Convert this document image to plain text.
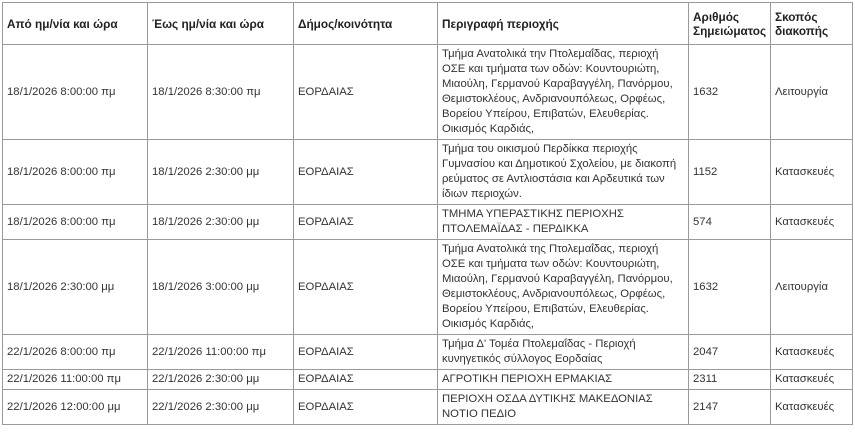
Από ημ/νία και ώρα	Έως ημ/νία και ώρα	Δήμος/κοινότητα	Περιγραφή περιοχής	Αριθμός Σημειώματος	Σκοπός διακοπής
18/1/2026 8:00:00 πμ	18/1/2026 8:30:00 πμ	ΕΟΡΔΑΙΑΣ	Τμήμα Ανατολικά την Πτολεμαΐδας, περιοχή ΟΣΕ και τμήματα των οδών: Κουντουριώτη, Μιαούλη, Γερμανού Καραβαγγέλη, Πανόρμου, Θεμιστοκλέους, Ανδριανουπόλεως, Ορφέως, Βορείου Υπείρου, Επιβατών, Ελευθερίας. Οικισμός Καρδιάς,	1632	Λειτουργία
18/1/2026 8:00:00 πμ	18/1/2026 2:30:00 μμ	ΕΟΡΔΑΙΑΣ	Τμήμα του οικισμού Περδίκκα περιοχής Γυμνασίου και Δημοτικού Σχολείου, με διακοπή ρεύματος σε Αντλιοστάσια και Αρδευτικά των ίδιων περιοχών.	1152	Κατασκευές
18/1/2026 8:00:00 πμ	18/1/2026 2:30:00 μμ	ΕΟΡΔΑΙΑΣ	ΤΜΗΜΑ ΥΠΕΡΑΣΤΙΚΗΣ ΠΕΡΙΟΧΗΣ ΠΤΟΛΕΜΑΪΔΑΣ - ΠΕΡΔΙΚΚΑ	574	Κατασκευές
18/1/2026 2:30:00 μμ	18/1/2026 3:00:00 μμ	ΕΟΡΔΑΙΑΣ	Τμήμα Ανατολικά της Πτολεμαΐδας, περιοχή ΟΣΕ και τμήματα των οδών: Κουντουριώτη, Μιαούλη, Γερμανού Καραβαγγέλη, Πανόρμου, Θεμιστοκλέους, Ανδριανουπόλεως, Ορφέως, Βορείου Υπείρου, Επιβατών, Ελευθερίας. Οικισμός Καρδιάς,	1632	Λειτουργία
22/1/2026 8:00:00 πμ	22/1/2026 11:00:00 πμ	ΕΟΡΔΑΙΑΣ	Τμήμα Δ' Τομέα Πτολεμαΐδας - Περιοχή κυνηγετικός σύλλογος Εορδαίας	2047	Κατασκευές
22/1/2026 11:00:00 πμ	22/1/2026 2:30:00 μμ	ΕΟΡΔΑΙΑΣ	ΑΓΡΟΤΙΚΗ ΠΕΡΙΟΧΗ ΕΡΜΑΚΙΑΣ	2311	Κατασκευές
22/1/2026 12:00:00 μμ	22/1/2026 2:30:00 μμ	ΕΟΡΔΑΙΑΣ	ΠΕΡΙΟΧΗ ΟΣΔΑ ΔΥΤΙΚΗΣ ΜΑΚΕΔΟΝΙΑΣ ΝΟΤΙΟ ΠΕΔΙΟ	2147	Κατασκευές
